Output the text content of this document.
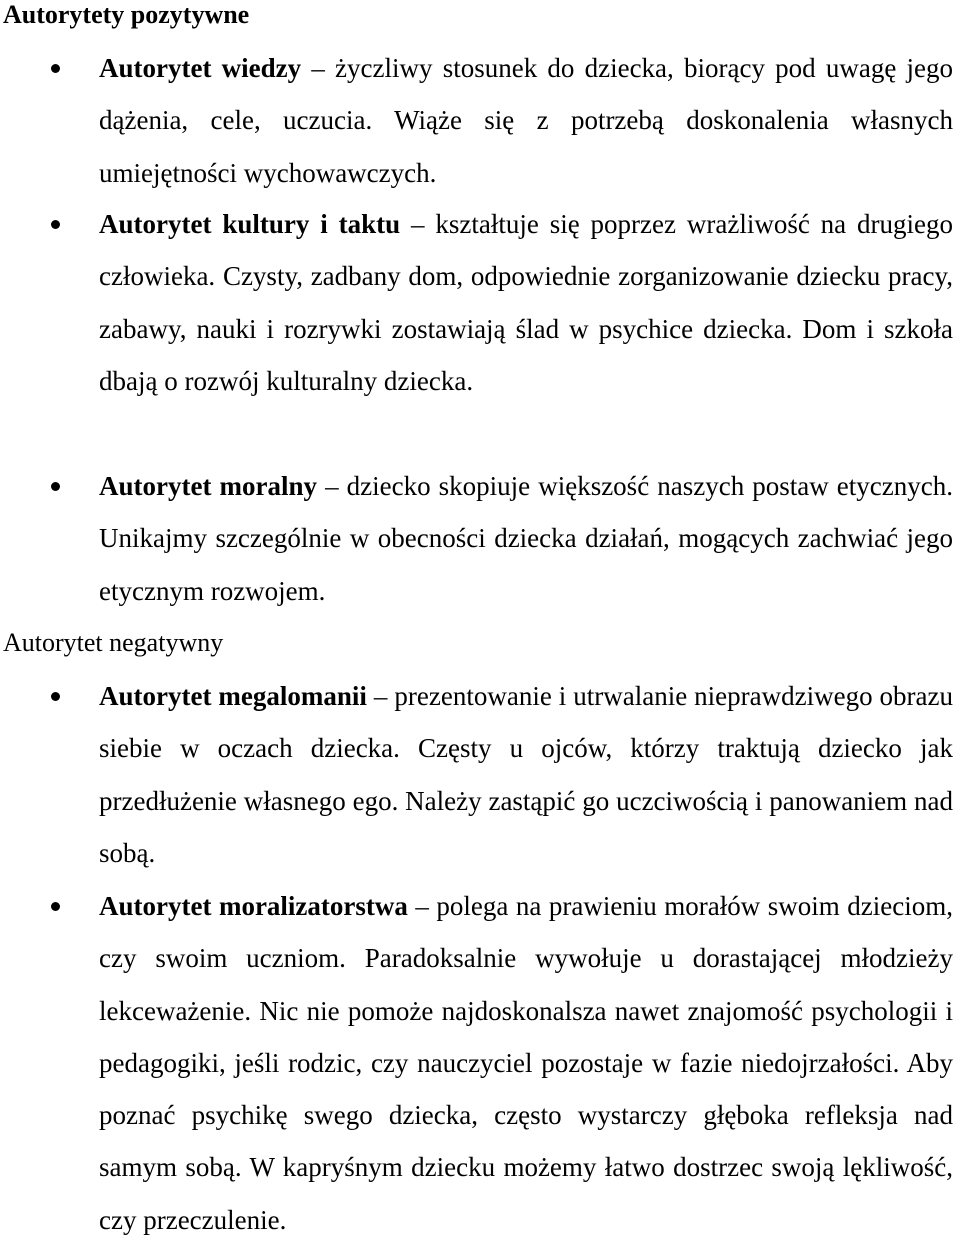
Autorytety pozytywne

Autorytet wiedzy – życzliwy stosunek do dziecka, biorący pod uwagę jego dążenia, cele, uczucia. Wiąże się z potrzebą doskonalenia własnych umiejętności wychowawczych.

Autorytet kultury i taktu – kształtuje się poprzez wrażliwość na drugiego człowieka. Czysty, zadbany dom, odpowiednie zorganizowanie dziecku pracy, zabawy, nauki i rozrywki zostawiają ślad w psychice dziecka. Dom i szkoła dbają o rozwój kulturalny dziecka.

Autorytet moralny – dziecko skopiuje większość naszych postaw etycznych. Unikajmy szczególnie w obecności dziecka działań, mogących zachwiać jego etycznym rozwojem.

Autorytet negatywny

Autorytet megalomanii – prezentowanie i utrwalanie nieprawdziwego obrazu siebie w oczach dziecka. Częsty u ojców, którzy traktują dziecko jak przedłużenie własnego ego. Należy zastąpić go uczciwością i panowaniem nad sobą.

Autorytet moralizatorstwa – polega na prawieniu morałów swoim dzieciom, czy swoim uczniom. Paradoksalnie wywołuje u dorastającej młodzieży lekceważenie. Nic nie pomoże najdoskonalsza nawet znajomość psychologii i pedagogiki, jeśli rodzic, czy nauczyciel pozostaje w fazie niedojrzałości. Aby poznać psychikę swego dziecka, często wystarczy głęboka refleksja nad samym sobą. W kapryśnym dziecku możemy łatwo dostrzec swoją lękliwość, czy przeczulenie.
